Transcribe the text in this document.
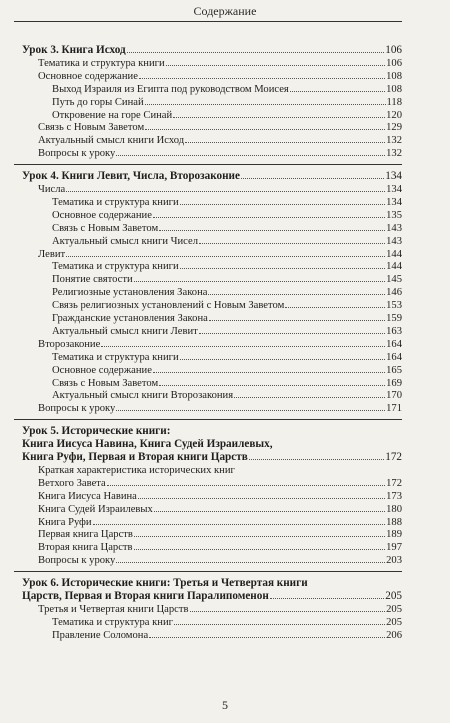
Содержание
Урок 3. Книга Исход	106
Тематика и структура книги	106
Основное содержание	108
Выход Израиля из Египта под руководством Моисея	108
Путь до горы Синай	118
Откровение на горе Синай	120
Связь с Новым Заветом	129
Актуальный смысл книги Исход	132
Вопросы к уроку	132
Урок 4. Книги Левит, Числа, Второзаконие	134
Числа	134
Тематика и структура книги	134
Основное содержание	135
Связь с Новым Заветом	143
Актуальный смысл книги Чисел	143
Левит	144
Тематика и структура книги	144
Понятие святости	145
Религиозные установления Закона	146
Связь религиозных установлений с Новым Заветом	153
Гражданские установления Закона	159
Актуальный смысл книги Левит	163
Второзаконие	164
Тематика и структура книги	164
Основное содержание	165
Связь с Новым Заветом	169
Актуальный смысл книги Второзакония	170
Вопросы к уроку	171
Урок 5. Исторические книги:
Книга Иисуса Навина, Книга Судей Израилевых,
Книга Руфи, Первая и Вторая книги Царств	172
Краткая характеристика исторических книг
Ветхого Завета	172
Книга Иисуса Навина	173
Книга Судей Израилевых	180
Книга Руфи	188
Первая книга Царств	189
Вторая книга Царств	197
Вопросы к уроку	203
Урок 6. Исторические книги: Третья и Четвертая книги
Царств, Первая и Вторая книги Паралипоменон	205
Третья и Четвертая книги Царств	205
Тематика и структура книг	205
Правление Соломона	206
5
